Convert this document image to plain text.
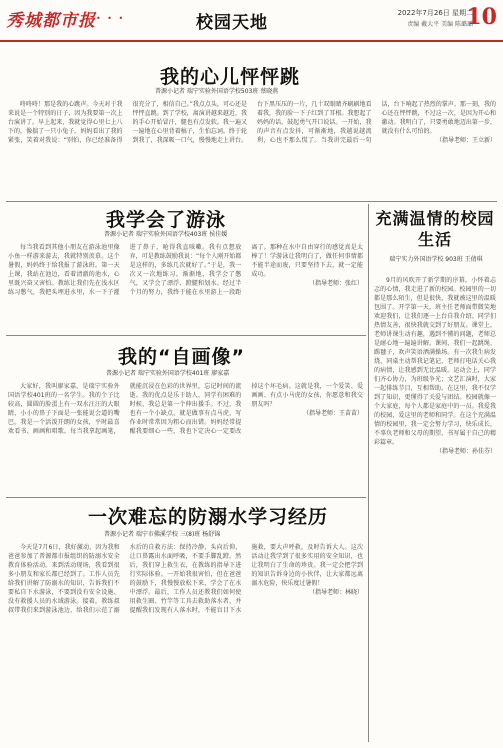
秀城都市报 • • •	校园天地	2022年7月26日 星期二
责编 戴大平 美编 陈璐璐
10
我的心儿怦怦跳
普源小记者 瑞宁实验外国语学校503班 蔡晓燕

咚咚咚！那是我的心跳声。今天对于我来说是一个特别的日子，因为我要第一次上台演讲了。早上起来，我就觉得心里七上八下的，像揣了一只小兔子。妈妈看出了我的紧张，笑着对我说：“别怕，你已经准备得很充分了，相信自己。”我点点头，可心还是怦怦直跳。到了学校，离演讲越来越近，我的手心开始冒汗，腿也有点发软。我一遍又一遍地在心里背着稿子，生怕忘词。终于轮到我了，我深吸一口气，慢慢地走上讲台。台下黑压压的一片，几十双眼睛齐刷刷地看着我，我的脸一下子红到了耳根。我想起了妈妈的话，鼓起勇气开口说话。一开始，我的声音有点发抖，可渐渐地，我越说越流利，心也不那么慌了。当我讲完最后一句话，台下响起了热烈的掌声。那一刻，我的心还在怦怦跳，不过这一次，是因为开心和激动。我明白了，只要勇敢地迈出第一步，就没有什么可怕的。

（指导老师：王立新）

我学会了游泳
普源小记者 瑞宁实验外国语学校403班 侯佳媛

每当我看到其他小朋友在游泳池里像小鱼一样游来游去，我就特别羡慕。这个暑假，妈妈终于给我报了游泳班。第一天上课，我站在池边，看着清澈的池水，心里既兴奋又害怕。教练让我们先在浅水区练习憋气，我把头埋进水里，水一下子灌进了鼻子，呛得我直咳嗽。我有点想放弃，可是教练鼓励我说：“每个人刚开始都是这样的，多练几次就好了。”于是，我一次又一次地练习。渐渐地，我学会了憋气，又学会了漂浮、蹬腿和划水。经过半个月的努力，我终于能在水里游上一段距离了。那种在水中自由穿行的感觉真是太棒了！学游泳让我明白了，做任何事情都不能半途而废，只要坚持下去，就一定能成功。

（指导老师：张红）

充满温情的校园生活
瑞宁实力外国语学校 903班 王倩琪

9月的风吹开了新学期的序幕，小怀着忐忑的心情，我走进了新的校园。校园里的一切都是那么陌生，但是很快，我就被这里的温暖包围了。开学第一天，班主任老师面带微笑地欢迎我们，让我们逐一上台自我介绍。同学们热情友善，很快我就交到了好朋友。课堂上，老师讲课生动有趣，遇到不懂的问题，老师总是耐心地一遍遍讲解。课间，我们一起跳绳、踢毽子，欢声笑语洒满操场。有一次我生病发烧，同桌主动帮我记笔记，老师打电话关心我的病情，让我感到无比温暖。运动会上，同学们齐心协力，为班级争光；文艺汇演时，大家一起排练节目，互相帮助。在这里，我不仅学到了知识，更懂得了关爱与团结。校园就像一个大家庭，每个人都是家庭中的一员。我爱我的校园，爱这里的老师和同学。在这个充满温情的校园里，我一定会努力学习，快乐成长，不辜负老师和父母的期望，书写属于自己的精彩篇章。

（指导老师：孙佳芬）

我的“自画像”
普源小记者 瑞宁实验外国语学校401班 廖家嘉

大家好，我叫廖家嘉，是瑞宁实验外国语学校401班的一名学生。我的个子比较高，圆圆的脸蛋上有一双水汪汪的大眼睛，小小的鼻子下面是一张能说会道的嘴巴。我是一个活泼开朗的女孩，平时最喜欢看书、画画和唱歌。每当我拿起画笔，就能沉浸在色彩的世界里，忘记时间的流逝。我的优点是乐于助人，同学有困难的时候，我总是第一个伸出援手。不过，我也有一个小缺点，就是做事有点马虎，写作业时常常因为粗心而出错。妈妈经常提醒我要细心一些，我也下定决心一定要改掉这个坏毛病。这就是我，一个爱笑、爱画画、有点小马虎的女孩，你愿意和我交朋友吗？

（指导老师：王苗苗）

一次难忘的防溺水学习经历
普源小记者 瑞宁市佛溪学校 三(8)班 杨舒锦

今天是7月6日，我好激动，因为我和爸爸参加了普源都市报组织的防溺水安全教育体验活动。来到活动现场，我看到很多小朋友和家长都已经到了。工作人员先给我们讲解了防溺水的知识，告诉我们不要私自下水游泳，不要到没有安全设施、没有救援人员的水域游泳。接着，教练叔叔带我们来到游泳池边，给我们示范了溺水后的自救方法：保持冷静，头向后仰，让口鼻露出水面呼吸，不要手脚乱蹬。然后，我们穿上救生衣，在教练的指导下进行实际体验。一开始我很害怕，但在爸爸的鼓励下，我慢慢放松下来，学会了在水中漂浮。最后，工作人员还教我们如何使用救生圈、竹竿等工具去救助落水者，并提醒我们发现有人落水时，不能盲目下水施救，要大声呼救，及时告诉大人。这次活动让我学到了很多实用的安全知识，也让我明白了生命的珍贵。我一定会把学到的知识告诉身边的小伙伴，让大家都远离溺水危险，快乐度过暑假！

（指导老师：林晓）
